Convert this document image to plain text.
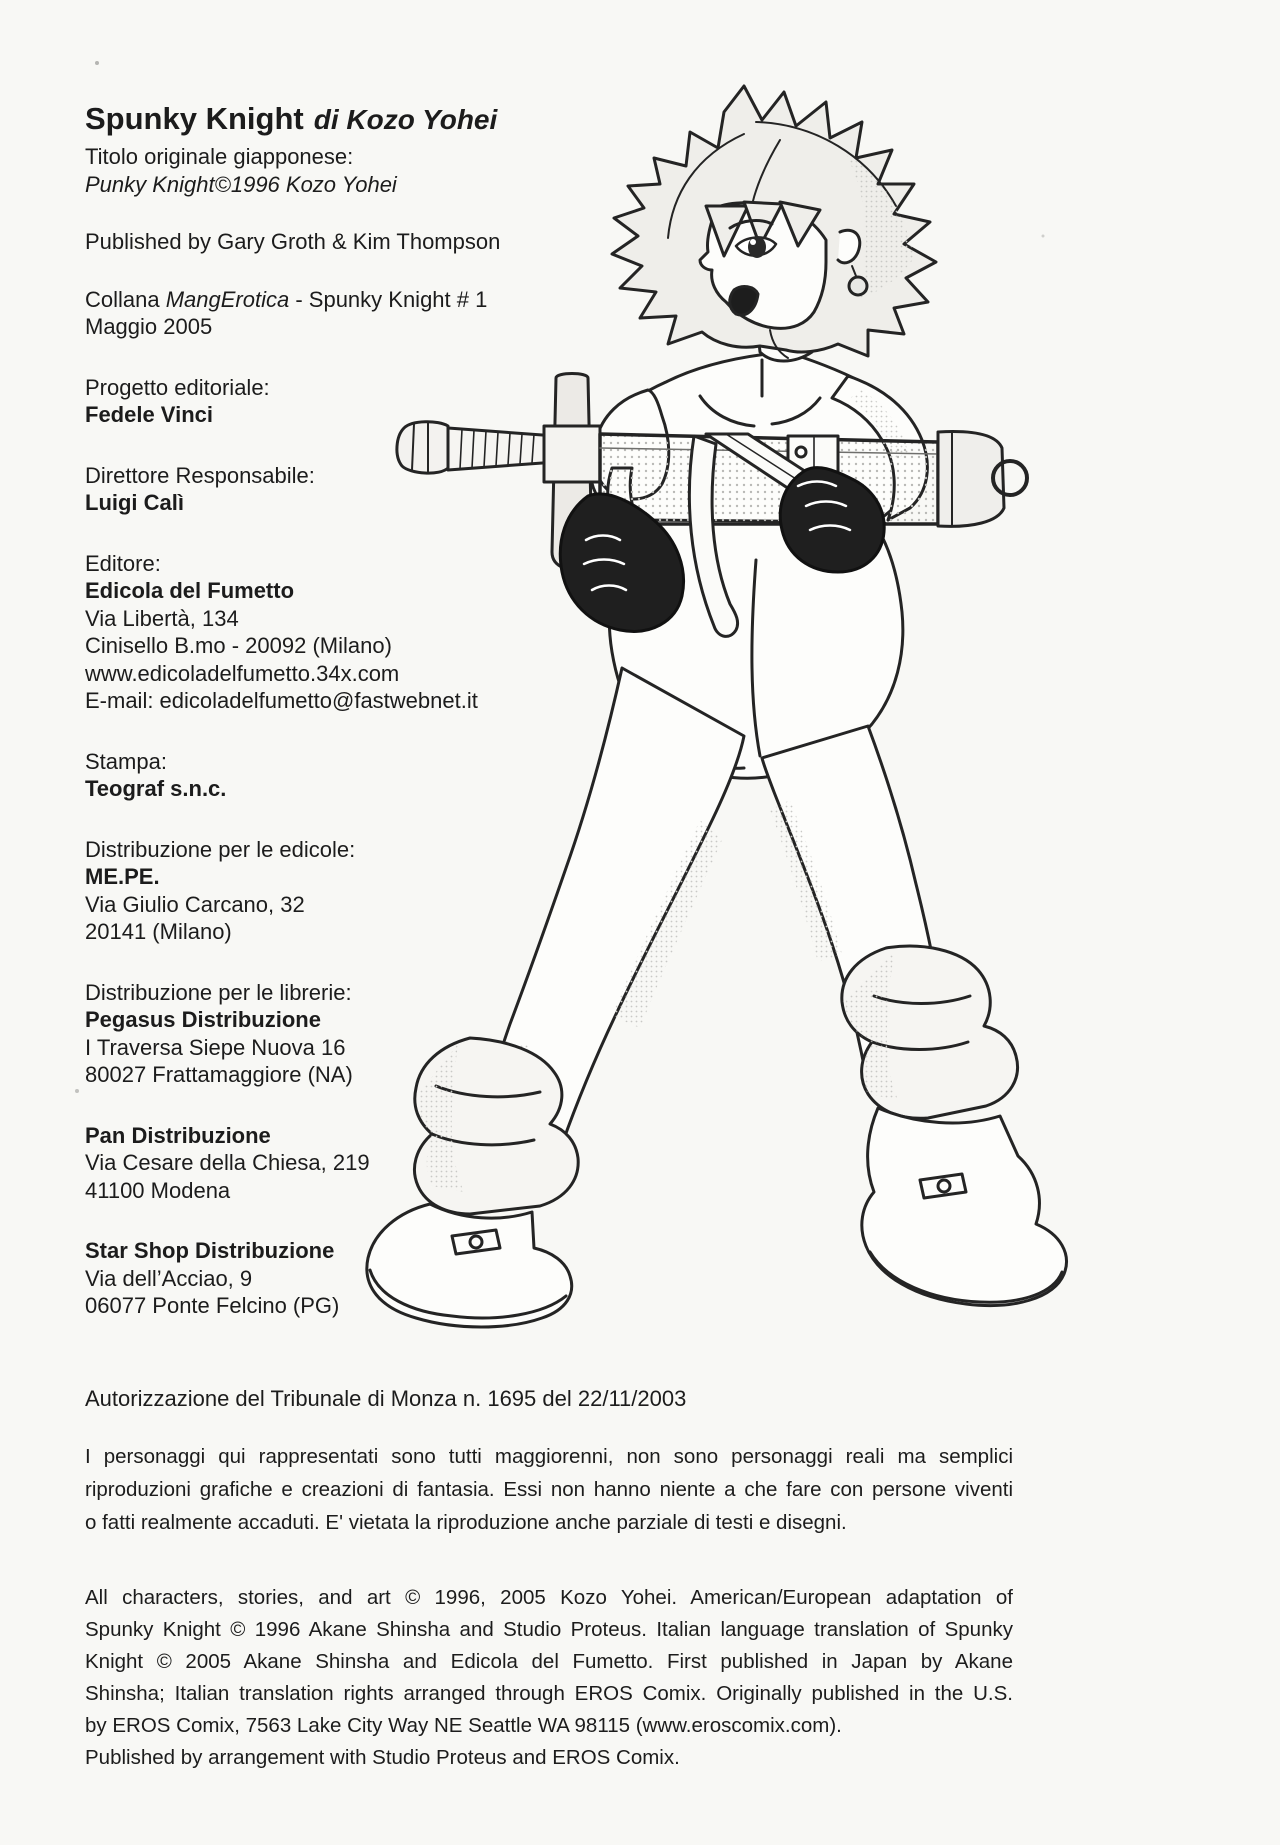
Spunky Knight di Kozo Yohei
Titolo originale giapponese:
Punky Knight©1996 Kozo Yohei
Published by Gary Groth & Kim Thompson
Collana MangErotica - Spunky Knight # 1
Maggio 2005
Progetto editoriale:
Fedele Vinci
Direttore Responsabile:
Luigi Calì
Editore:
Edicola del Fumetto
Via Libertà, 134
Cinisello B.mo - 20092 (Milano)
www.edicoladelfumetto.34x.com
E-mail: edicoladelfumetto@fastwebnet.it
Stampa:
Teograf s.n.c.
Distribuzione per le edicole:
ME.PE.
Via Giulio Carcano, 32
20141 (Milano)
Distribuzione per le librerie:
Pegasus Distribuzione
I Traversa Siepe Nuova 16
80027 Frattamaggiore (NA)
Pan Distribuzione
Via Cesare della Chiesa, 219
41100 Modena
Star Shop Distribuzione
Via dell’Acciao, 9
06077 Ponte Felcino (PG)
Autorizzazione del Tribunale di Monza n. 1695 del 22/11/2003
I personaggi qui rappresentati sono tutti maggiorenni, non sono personaggi reali ma semplici
riproduzioni grafiche e creazioni di fantasia. Essi non hanno niente a che fare con persone viventi
o fatti realmente accaduti. E' vietata la riproduzione anche parziale di testi e disegni.
All characters, stories, and art © 1996, 2005 Kozo Yohei. American/European adaptation of
Spunky Knight © 1996 Akane Shinsha and Studio Proteus. Italian language translation of Spunky
Knight © 2005 Akane Shinsha and Edicola del Fumetto. First published in Japan by Akane
Shinsha; Italian translation rights arranged through EROS Comix. Originally published in the U.S.
by EROS Comix, 7563 Lake City Way NE Seattle WA 98115 (www.eroscomix.com).
Published by arrangement with Studio Proteus and EROS Comix.
